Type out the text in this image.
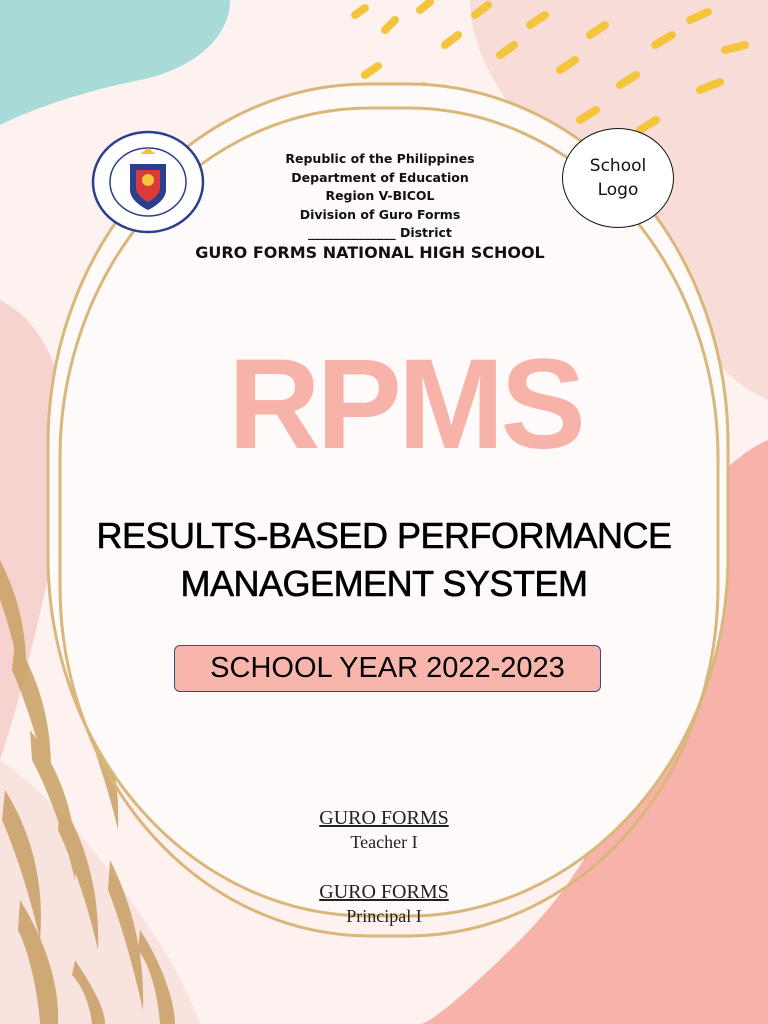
Republic of the Philippines
Department of Education
Region V-BICOL
Division of Guro Forms
______________ District
GURO FORMS NATIONAL HIGH SCHOOL
School
Logo
RPMS
RESULTS-BASED PERFORMANCE
MANAGEMENT SYSTEM
SCHOOL YEAR 2022-2023
GURO FORMS
Teacher I
GURO FORMS
Principal I
